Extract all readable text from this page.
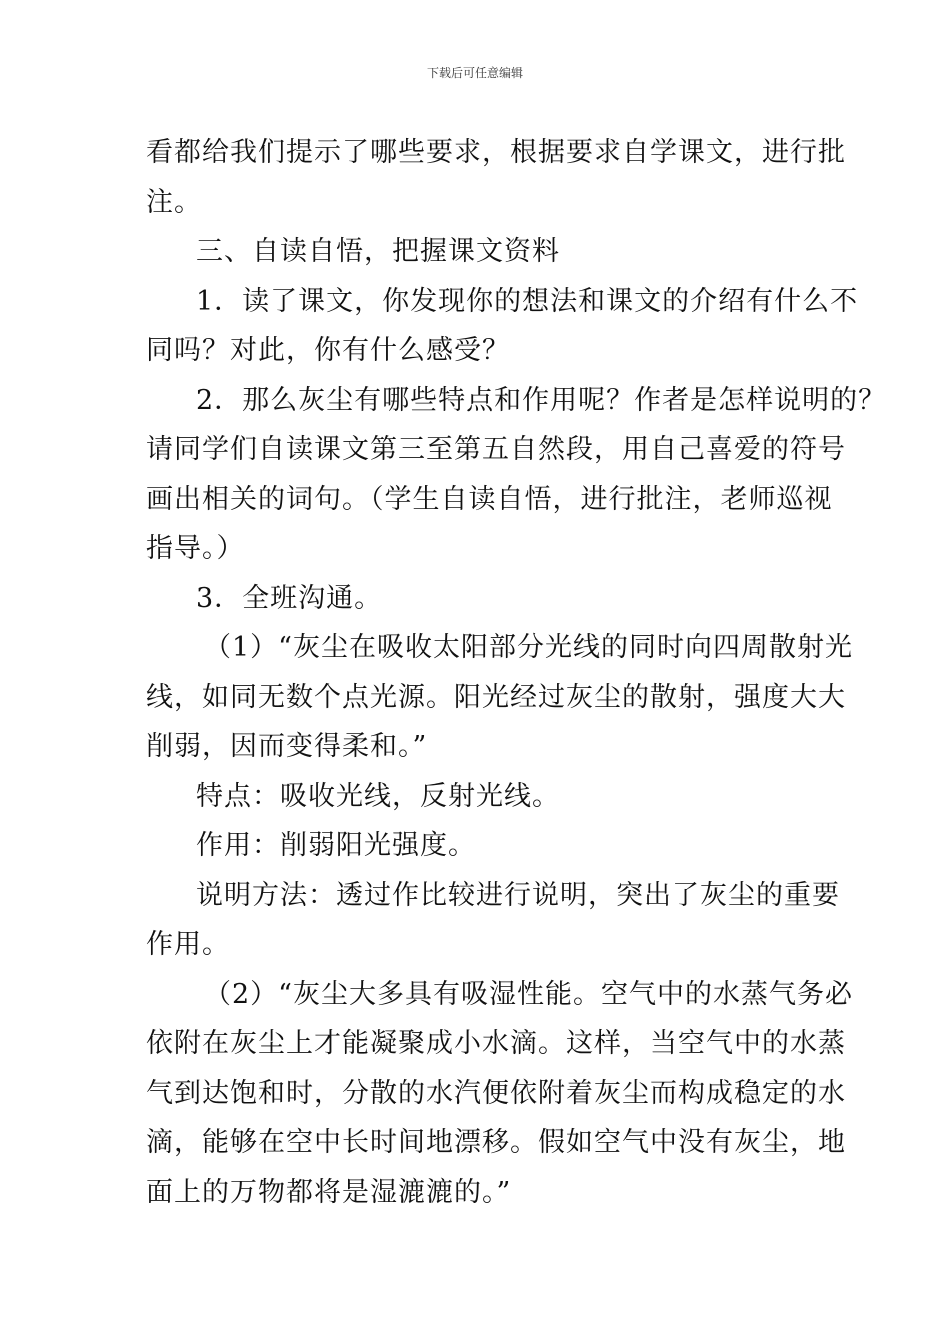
下载后可任意编辑
看都给我们提示了哪些要求，根据要求自学课文，进行批
注。
三、自读自悟，把握课文资料
1．读了课文，你发现你的想法和课文的介绍有什么不
同吗？对此，你有什么感受？
2．那么灰尘有哪些特点和作用呢？作者是怎样说明的？
请同学们自读课文第三至第五自然段，用自己喜爱的符号
画出相关的词句。（学生自读自悟，进行批注，老师巡视
指导。）
3．全班沟通。
（1）“灰尘在吸收太阳部分光线的同时向四周散射光
线，如同无数个点光源。阳光经过灰尘的散射，强度大大
削弱，因而变得柔和。”
特点：吸收光线，反射光线。
作用：削弱阳光强度。
说明方法：透过作比较进行说明，突出了灰尘的重要
作用。
（2）“灰尘大多具有吸湿性能。空气中的水蒸气务必
依附在灰尘上才能凝聚成小水滴。这样，当空气中的水蒸
气到达饱和时，分散的水汽便依附着灰尘而构成稳定的水
滴，能够在空中长时间地漂移。假如空气中没有灰尘，地
面上的万物都将是湿漉漉的。”
